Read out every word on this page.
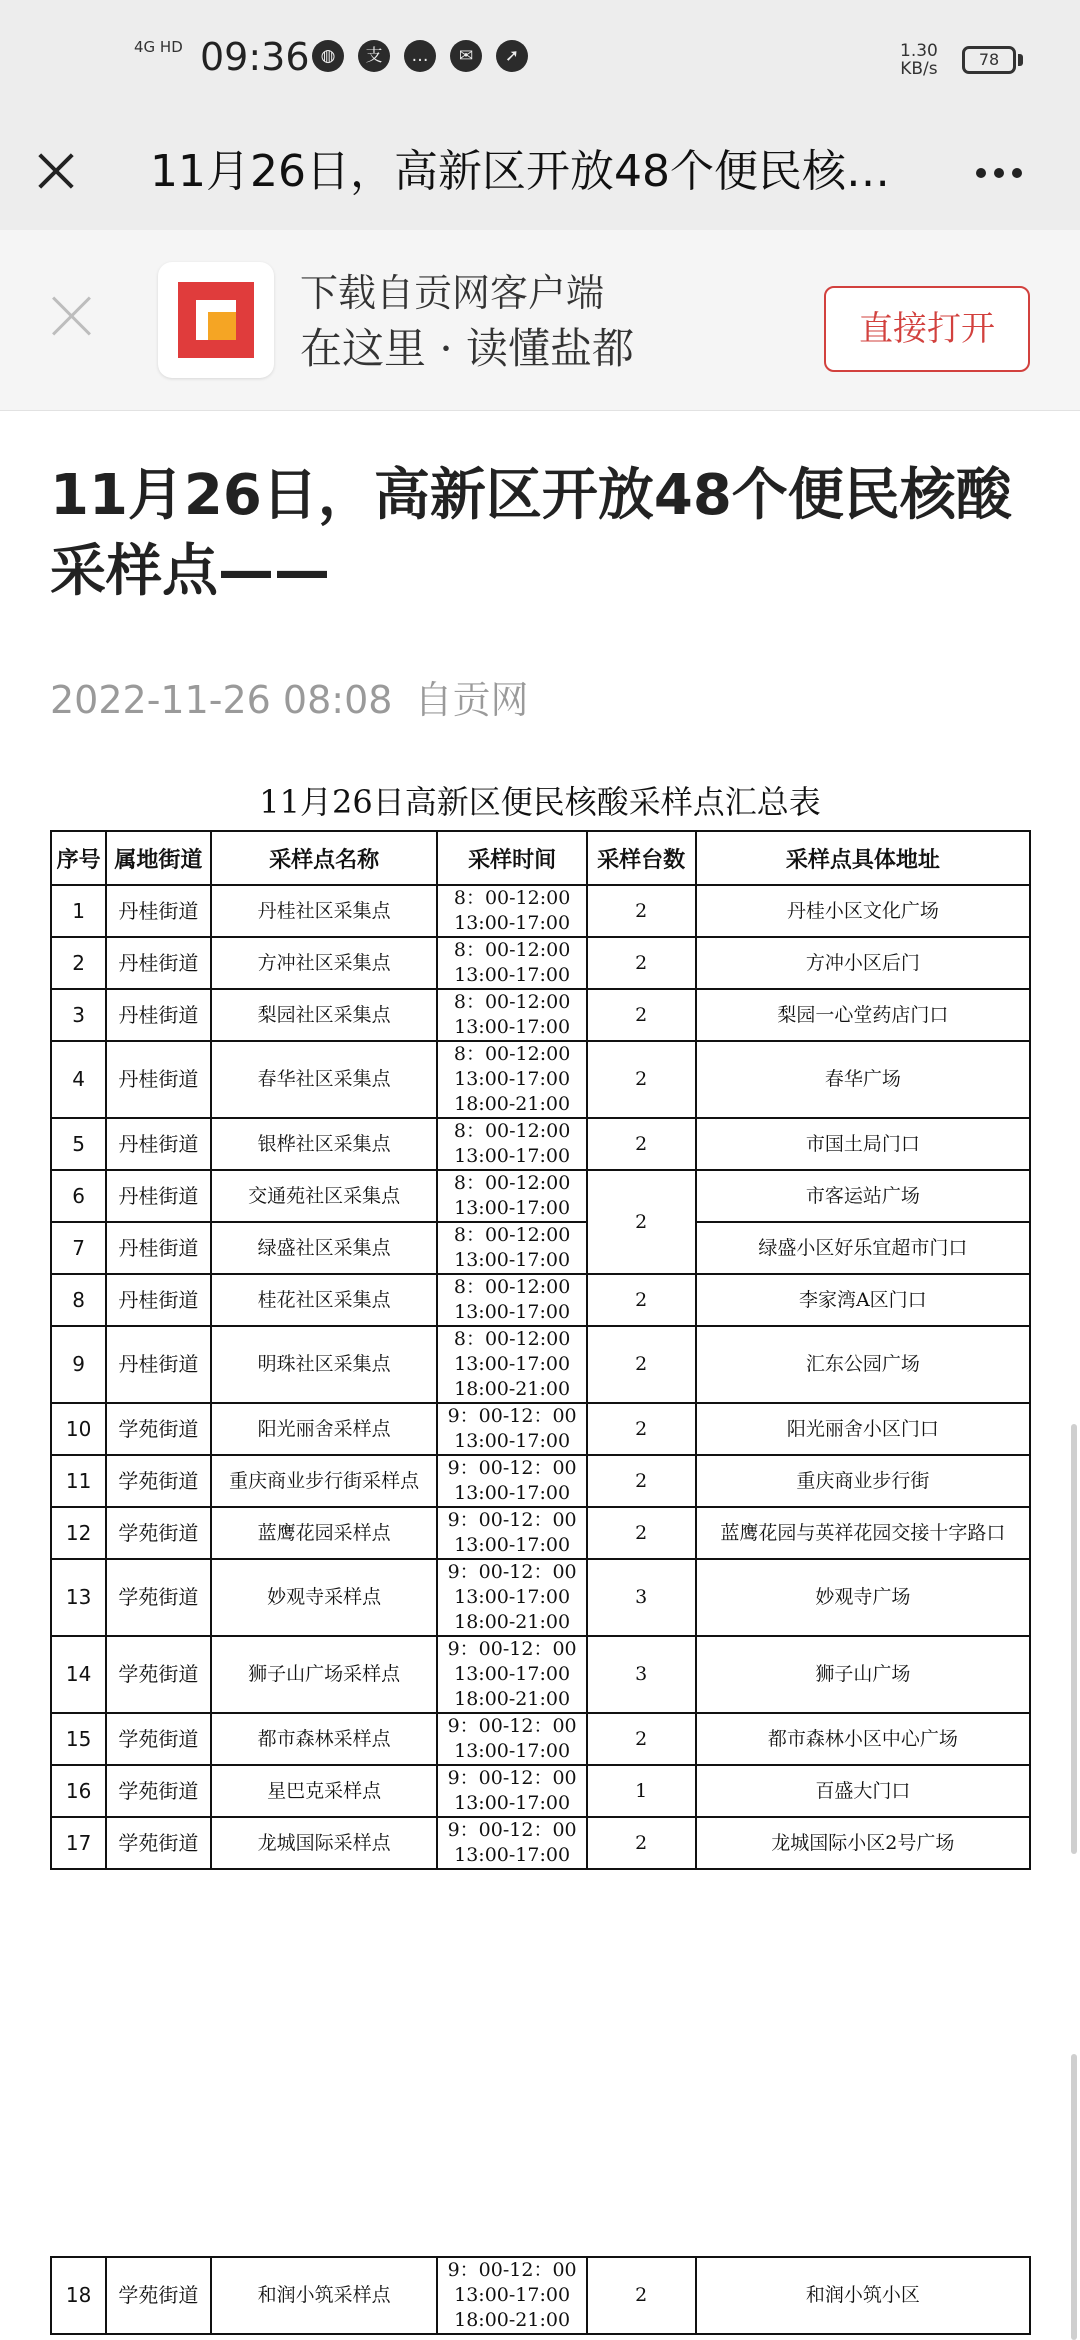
4G HD 09:36 ◍	支	…	✉	➚	1.30
KB/s	78
11月26日，高新区开放48个便民核…
下载自贡网客户端
在这里 · 读懂盐都	直接打开
11月26日，高新区开放48个便民核酸采样点——
2022-11-26 08:08 自贡网
11月26日高新区便民核酸采样点汇总表
序号	属地街道	采样点名称	采样时间	采样台数	采样点具体地址
1	丹桂街道	丹桂社区采集点	8：00-12:00
13:00-17:00	2	丹桂小区文化广场
2	丹桂街道	方冲社区采集点	8：00-12:00
13:00-17:00	2	方冲小区后门
3	丹桂街道	梨园社区采集点	8：00-12:00
13:00-17:00	2	梨园一心堂药店门口
4	丹桂街道	春华社区采集点	8：00-12:00
13:00-17:00
18:00-21:00	2	春华广场
5	丹桂街道	银桦社区采集点	8：00-12:00
13:00-17:00	2	市国土局门口
6	丹桂街道	交通苑社区采集点	8：00-12:00
13:00-17:00	2	市客运站广场
7	丹桂街道	绿盛社区采集点	8：00-12:00
13:00-17:00		绿盛小区好乐宜超市门口
8	丹桂街道	桂花社区采集点	8：00-12:00
13:00-17:00	2	李家湾A区门口
9	丹桂街道	明珠社区采集点	8：00-12:00
13:00-17:00
18:00-21:00	2	汇东公园广场
10	学苑街道	阳光丽舍采样点	9：00-12：00
13:00-17:00	2	阳光丽舍小区门口
11	学苑街道	重庆商业步行街采样点	9：00-12：00
13:00-17:00	2	重庆商业步行街
12	学苑街道	蓝鹰花园采样点	9：00-12：00
13:00-17:00	2	蓝鹰花园与英祥花园交接十字路口
13	学苑街道	妙观寺采样点	9：00-12：00
13:00-17:00
18:00-21:00	3	妙观寺广场
14	学苑街道	狮子山广场采样点	9：00-12：00
13:00-17:00
18:00-21:00	3	狮子山广场
15	学苑街道	都市森林采样点	9：00-12：00
13:00-17:00	2	都市森林小区中心广场
16	学苑街道	星巴克采样点	9：00-12：00
13:00-17:00	1	百盛大门口
17	学苑街道	龙城国际采样点	9：00-12：00
13:00-17:00	2	龙城国际小区2号广场
18	学苑街道	和润小筑采样点	
9：00-12：00
13:00-17:00
18:00-21:00
	2	和润小筑小区
